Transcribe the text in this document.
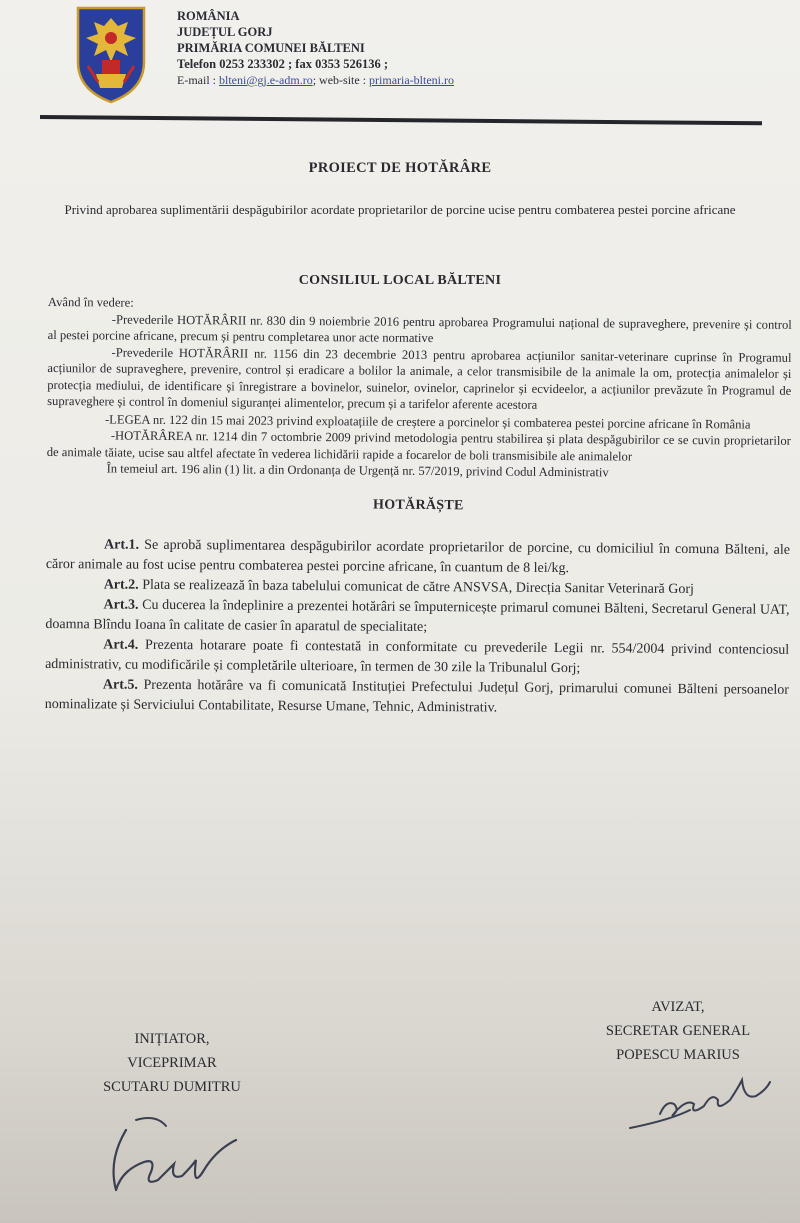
ROMÂNIA
JUDEȚUL GORJ
PRIMĂRIA COMUNEI BĂLTENI
Telefon 0253 233302 ; fax 0353 526136 ;
E-mail : blteni@gj.e-adm.ro; web-site : primaria-blteni.ro
PROIECT DE HOTĂRÂRE
Privind aprobarea suplimentării despăgubirilor acordate proprietarilor de porcine ucise pentru combaterea pestei porcine africane
CONSILIUL LOCAL BĂLTENI

Având în vedere:

-Prevederile HOTĂRÂRII nr. 830 din 9 noiembrie 2016 pentru aprobarea Programului național de supraveghere, prevenire și control al pestei porcine africane, precum și pentru completarea unor acte normative

-Prevederile HOTĂRÂRII nr. 1156 din 23 decembrie 2013 pentru aprobarea acțiunilor sanitar-veterinare cuprinse în Programul acțiunilor de supraveghere, prevenire, control și eradicare a bolilor la animale, a celor transmisibile de la animale la om, protecția animalelor și protecția mediului, de identificare și înregistrare a bovinelor, suinelor, ovinelor, caprinelor și ecvideelor, a acțiunilor prevăzute în Programul de supraveghere și control în domeniul siguranței alimentelor, precum și a tarifelor aferente acestora

-LEGEA nr. 122 din 15 mai 2023 privind exploatațiile de creștere a porcinelor și combaterea pestei porcine africane în România

-HOTĂRÂREA nr. 1214 din 7 octombrie 2009 privind metodologia pentru stabilirea și plata despăgubirilor ce se cuvin proprietarilor de animale tăiate, ucise sau altfel afectate în vederea lichidării rapide a focarelor de boli transmisibile ale animalelor

În temeiul art. 196 alin (1) lit. a din Ordonanța de Urgență nr. 57/2019, privind Codul Administrativ

HOTĂRĂȘTE

Art.1. Se aprobă suplimentarea despăgubirilor acordate proprietarilor de porcine, cu domiciliul în comuna Bălteni, ale căror animale au fost ucise pentru combaterea pestei porcine africane, în cuantum de 8 lei/kg.

Art.2. Plata se realizează în baza tabelului comunicat de către ANSVSA, Direcția Sanitar Veterinară Gorj

Art.3. Cu ducerea la îndeplinire a prezentei hotărâri se împuternicește primarul comunei Bălteni, Secretarul General UAT, doamna Blîndu Ioana în calitate de casier în aparatul de specialitate;

Art.4. Prezenta hotarare poate fi contestată in conformitate cu prevederile Legii nr. 554/2004 privind contenciosul administrativ, cu modificările și completările ulterioare, în termen de 30 zile la Tribunalul Gorj;

Art.5. Prezenta hotărâre va fi comunicată Instituției Prefectului Județul Gorj, primarului comunei Bălteni persoanelor nominalizate și Serviciului Contabilitate, Resurse Umane, Tehnic, Administrativ.

INIȚIATOR,
VICEPRIMAR
SCUTARU DUMITRU
AVIZAT,
SECRETAR GENERAL
POPESCU MARIUS
